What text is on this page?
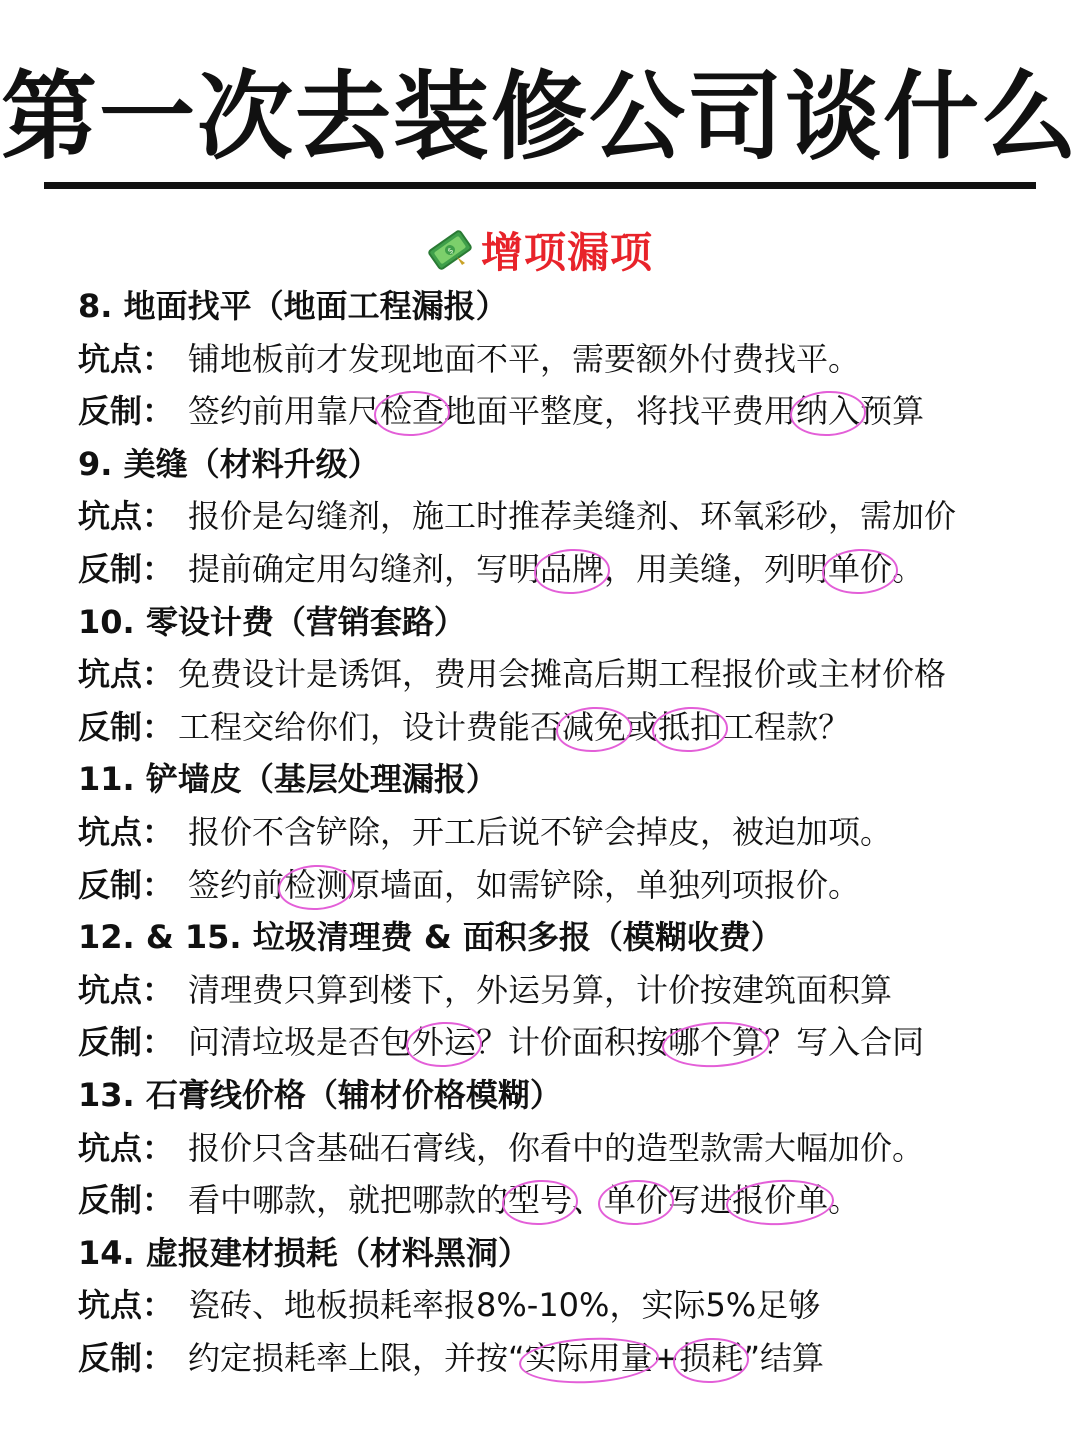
第一次去装修公司谈什么
$ 增项漏项
8. 地面找平（地面工程漏报）
坑点： 铺地板前才发现地面不平，需要额外付费找平。
反制： 签约前用靠尺检查地面平整度，将找平费用纳入预算
9. 美缝（材料升级）
坑点： 报价是勾缝剂，施工时推荐美缝剂、环氧彩砂，需加价
反制： 提前确定用勾缝剂，写明品牌，用美缝，列明单价。
10. 零设计费（营销套路）
坑点： 免费设计是诱饵，费用会摊高后期工程报价或主材价格
反制： 工程交给你们，设计费能否减免或抵扣工程款？
11. 铲墙皮（基层处理漏报）
坑点： 报价不含铲除，开工后说不铲会掉皮，被迫加项。
反制： 签约前检测原墙面，如需铲除，单独列项报价。
12. & 15. 垃圾清理费 & 面积多报（模糊收费）
坑点： 清理费只算到楼下，外运另算，计价按建筑面积算
反制： 问清垃圾是否包外运？计价面积按哪个算？写入合同
13. 石膏线价格（辅材价格模糊）
坑点： 报价只含基础石膏线，你看中的造型款需大幅加价。
反制： 看中哪款，就把哪款的型号、单价写进报价单。
14. 虚报建材损耗（材料黑洞）
坑点： 瓷砖、地板损耗率报8%-10%，实际5%足够
反制： 约定损耗率上限，并按“实际用量+损耗”结算
